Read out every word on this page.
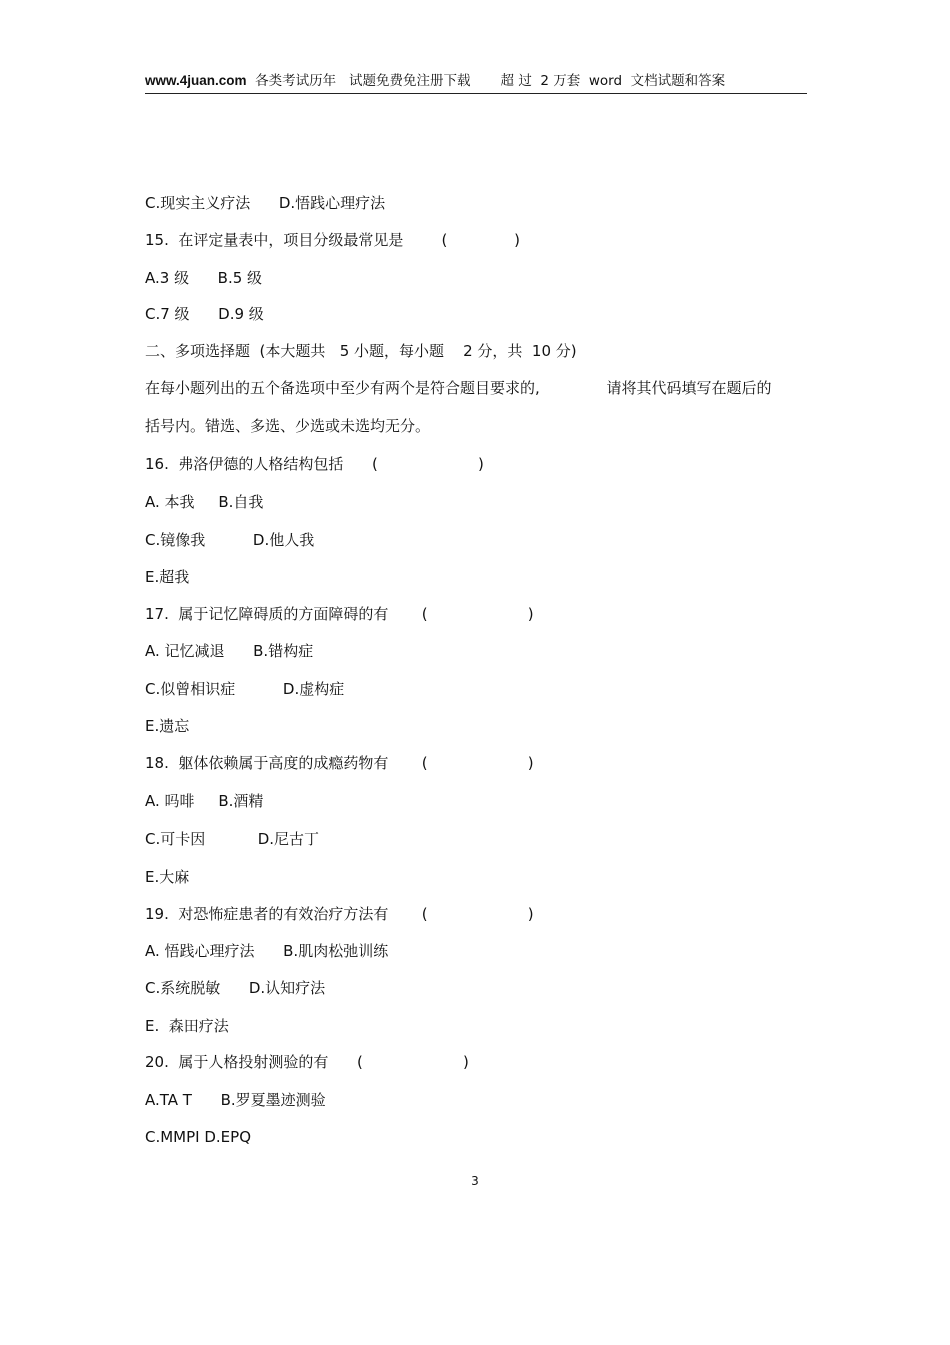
www.4juan.com  各类考试历年   试题免费免注册下载       超 过  2 万套  word  文档试题和答案
C.现实主义疗法      D.悟践心理疗法
15.  在评定量表中，项目分级最常见是        (              )
A.3 级      B.5 级
C.7 级      D.9 级
二、多项选择题  (本大题共   5 小题，每小题    2 分，共  10 分)
在每小题列出的五个备选项中至少有两个是符合题目要求的,              请将其代码填写在题后的
括号内。错选、多选、少选或未选均无分。
16.  弗洛伊德的人格结构包括      (                     )
A. 本我     B.自我
C.镜像我          D.他人我
E.超我
17.  属于记忆障碍质的方面障碍的有       (                     )
A. 记忆减退      B.错构症
C.似曾相识症          D.虚构症
E.遗忘
18.  躯体依赖属于高度的成瘾药物有       (                     )
A. 吗啡     B.酒精
C.可卡因           D.尼古丁
E.大麻
19.  对恐怖症患者的有效治疗方法有       (                     )
A. 悟践心理疗法      B.肌肉松弛训练
C.系统脱敏      D.认知疗法
E.  森田疗法
20.  属于人格投射测验的有      (                     )
A.TA T      B.罗夏墨迹测验
C.MMPI D.EPQ
3
